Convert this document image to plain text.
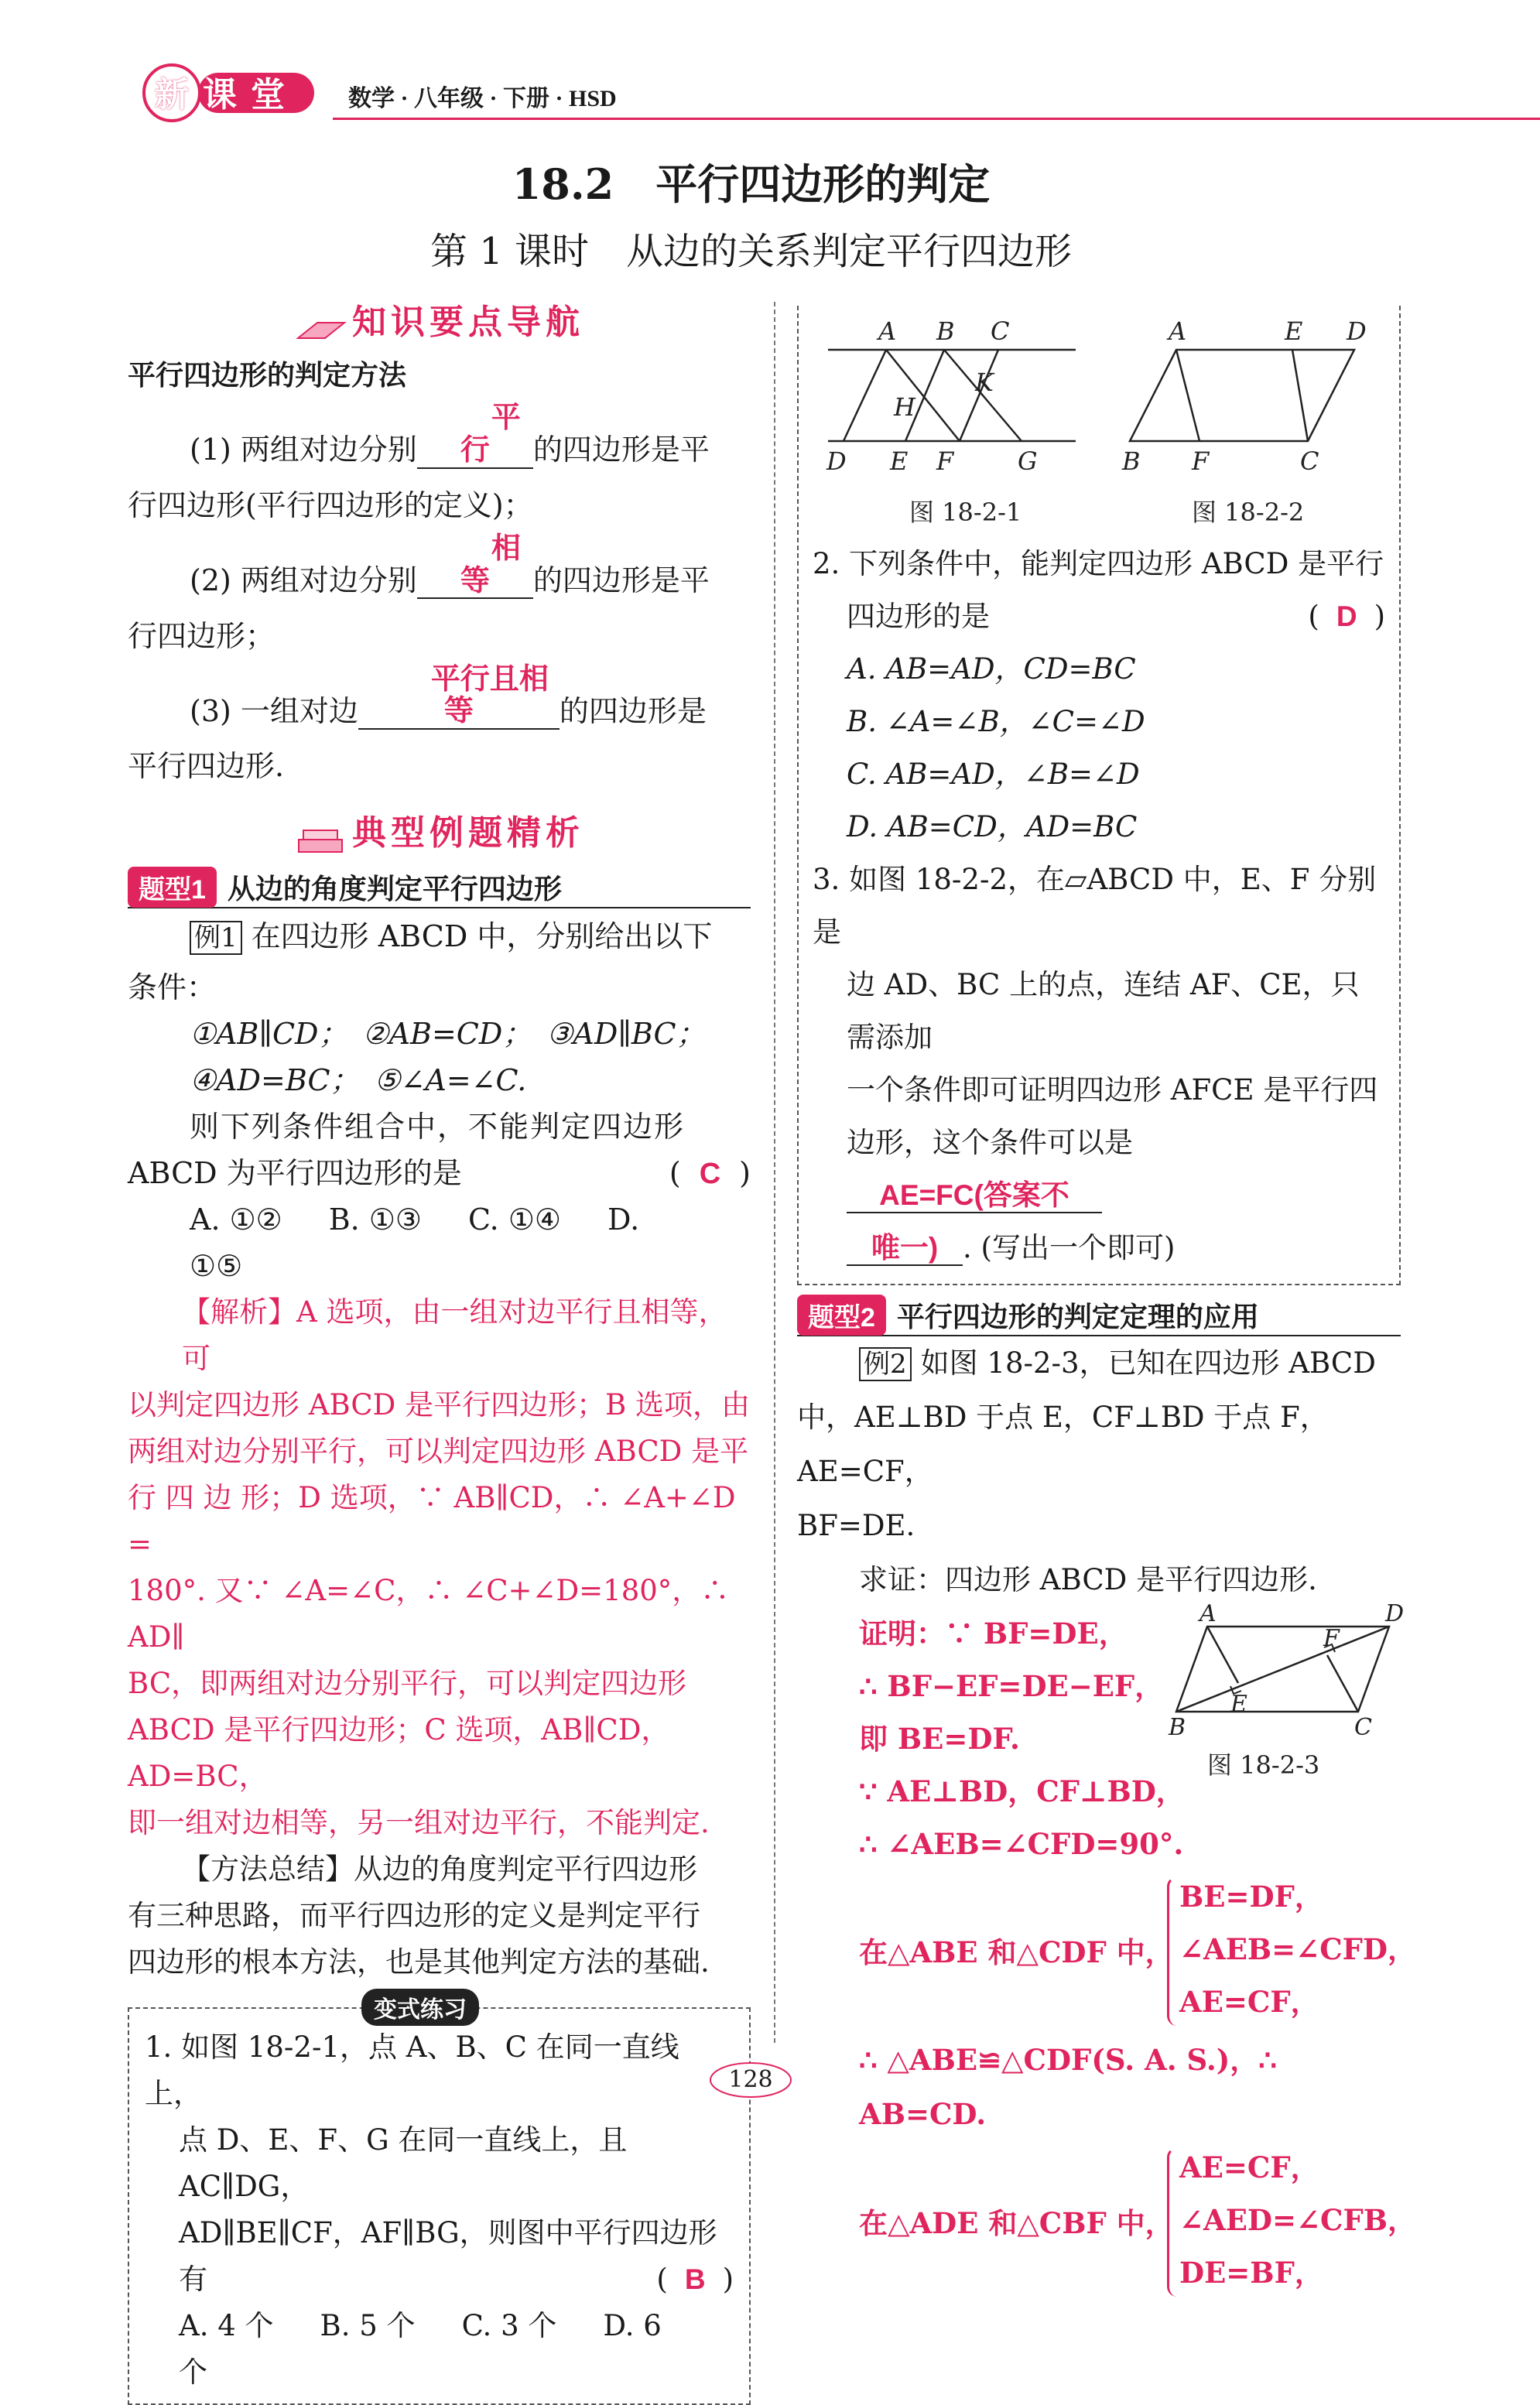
新课堂	数学 · 八年级 · 下册 · HSD
18.2　平行四边形的判定
第 1 课时　从边的关系判定平行四边形
知识要点导航
平行四边形的判定方法

(1) 两组对边分别平行 的四边形是平

行四边形(平行四边形的定义)；

(2) 两组对边分别相等 的四边形是平

行四边形；

(3) 一组对边平行且相等	的四边形是

平行四边形.

典型例题精析
题型1 从边的角度判定平行四边形

例1 在四边形 ABCD 中，分别给出以下

条件：

①AB∥CD；　②AB=CD；　③AD∥BC；

④AD=BC；　⑤∠A=∠C.

则下列条件组合中，不能判定四边形

ABCD 为平行四边形的是	( C )

A. ①② B. ①③ C. ①④ D. ①⑤

【解析】A 选项，由一组对边平行且相等，可
以判定四边形 ABCD 是平行四边形；B 选项，由
两组对边分别平行，可以判定四边形 ABCD 是平
行 四 边 形；D 选项，∵ AB∥CD，∴ ∠A+∠D =
180°. 又∵ ∠A=∠C，∴ ∠C+∠D=180°，∴ AD∥
BC，即两组对边分别平行，可以判定四边形
ABCD 是平行四边形；C 选项，AB∥CD，AD=BC，
即一组对边相等，另一组对边平行，不能判定.
【方法总结】从边的角度判定平行四边形
有三种思路，而平行四边形的定义是判定平行
四边形的根本方法，也是其他判定方法的基础.
变式练习
1. 如图 18-2-1，点 A、B、C 在同一直线上，
点 D、E、F、G 在同一直线上，且 AC∥DG，
AD∥BE∥CF，AF∥BG，则图中平行四边形
有	( B )
A. 4 个 B. 5 个 C. 3 个 D. 6 个
A B C
K
H
D E F	G
A	E D
B F	C
图 18-2-1	图 18-2-2
2. 下列条件中，能判定四边形 ABCD 是平行
四边形的是	( D )
A. AB=AD，CD=BC
B. ∠A=∠B，∠C=∠D
C. AB=AD，∠B=∠D
D. AB=CD，AD=BC
3. 如图 18-2-2，在▱ABCD 中，E、F 分别是
边 AD、BC 上的点，连结 AF、CE，只需添加
一个条件即可证明四边形 AFCE 是平行四
边形，这个条件可以是AE=FC(答案不
唯一) . (写出一个即可)
题型2 平行四边形的判定定理的应用
例2 如图 18-2-3，已知在四边形 ABCD
中，AE⊥BD 于点 E，CF⊥BD 于点 F，AE=CF，
BF=DE.
求证：四边形 ABCD 是平行四边形.
A	D
F
E
B	C
图 18-2-3
证明：∵ BF=DE，
∴ BF−EF=DE−EF，
即 BE=DF.
∵ AE⊥BD，CF⊥BD，
∴ ∠AEB=∠CFD=90°.
在△ABE 和△CDF 中，
BE=DF，
∠AEB=∠CFD，
AE=CF，
∴ △ABE≌△CDF(S. A. S.)，∴ AB=CD.
在△ADE 和△CBF 中，
AE=CF，
∠AED=∠CFB，
DE=BF，
128
